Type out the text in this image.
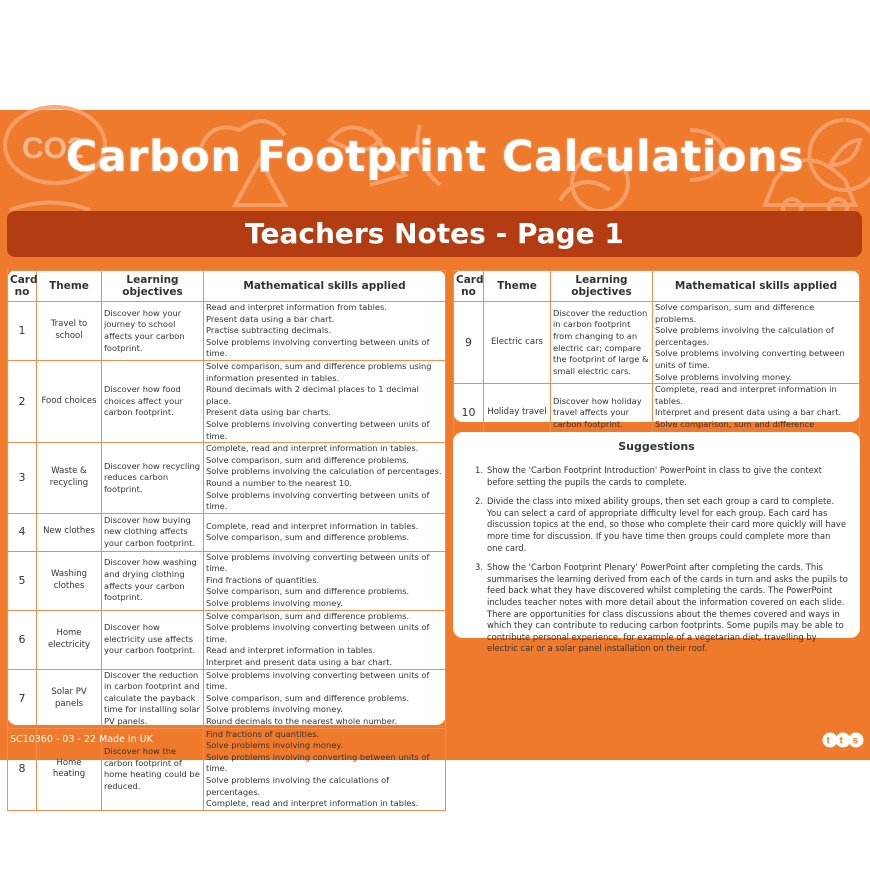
CO2
Carbon Footprint Calculations
Teachers Notes - Page 1
Card no	Theme	Learning objectives	Mathematical skills applied
1	Travel to school	Discover how your journey to school affects your carbon footprint.	Read and interpret information from tables.
Present data using a bar chart.
Practise subtracting decimals.
Solve problems involving converting between units of time.
2	Food choices	Discover how food choices affect your carbon footprint.	Solve comparison, sum and difference problems using information presented in tables.
Round decimals with 2 decimal places to 1 decimal place.
Present data using bar charts.
Solve problems involving converting between units of time.
3	Waste & recycling	Discover how recycling reduces carbon footprint.	Complete, read and interpret information in tables.
Solve comparison, sum and difference problems.
Solve problems involving the calculation of percentages.
Round a number to the nearest 10.
Solve problems involving converting between units of time.
4	New clothes	Discover how buying new clothing affects your carbon footprint.	Complete, read and interpret information in tables.
Solve comparison, sum and difference problems.
5	Washing clothes	Discover how washing and drying clothing affects your carbon footprint.	Solve problems involving converting between units of time.
Find fractions of quantities.
Solve comparison, sum and difference problems.
Solve problems involving money.
6	Home electricity	Discover how electricity use affects your carbon footprint.	Solve comparison, sum and difference problems.
Solve problems involving converting between units of time.
Read and interpret information in tables.
Interpret and present data using a bar chart.
7	Solar PV panels	Discover the reduction in carbon footprint and calculate the payback time for installing solar PV panels.	Solve problems involving converting between units of time.
Solve comparison, sum and difference problems.
Solve problems involving money.
Round decimals to the nearest whole number.
8	Home heating	Discover how the carbon footprint of home heating could be reduced.	Find fractions of quantities.
Solve problems involving money.
Solve problems involving converting between units of time.
Solve problems involving the calculations of percentages.
Complete, read and interpret information in tables.
Card no	Theme	Learning objectives	Mathematical skills applied
9	Electric cars	Discover the reduction in carbon footprint from changing to an electric car; compare the footprint of large & small electric cars.	Solve comparison, sum and difference problems.
Solve problems involving the calculation of percentages.
Solve problems involving converting between units of time.
Solve problems involving money.
10	Holiday travel	Discover how holiday travel affects your carbon footprint.	Complete, read and interpret information in tables.
Interpret and present data using a bar chart.
Solve comparison, sum and difference
Suggestions
1. Show the 'Carbon Footprint Introduction' PowerPoint in class to give the context before setting the pupils the cards to complete.
2. Divide the class into mixed ability groups, then set each group a card to complete. You can select a card of appropriate difficulty level for each group. Each card has discussion topics at the end, so those who complete their card more quickly will have more time for discussion. If you have time then groups could complete more than one card.
3. Show the 'Carbon Footprint Plenary' PowerPoint after completing the cards. This summarises the learning derived from each of the cards in turn and asks the pupils to feed back what they have discovered whilst completing the cards. The PowerPoint includes teacher notes with more detail about the information covered on each slide. There are opportunities for class discussions about the themes covered and ways in which they can contribute to reducing carbon footprints. Some pupils may be able to contribute personal experience, for example of a vegetarian diet, travelling by electric car or a solar panel installation on their roof.
SC10360 - 03 - 22 Made in UK	t t s
